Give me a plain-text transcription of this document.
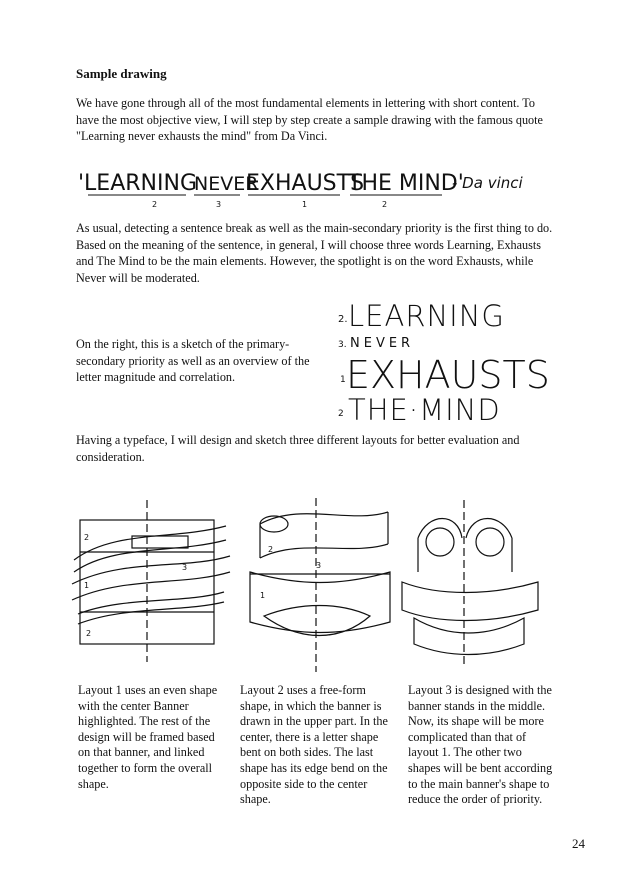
Sample drawing
We have gone through all of the most fundamental elements in lettering with short content. To have the most objective view, I will step by step create a sample drawing with the famous quote "Learning never exhausts the mind" from Da Vinci.
'LEARNING
NEVER
EXHAUSTS
THE MIND'
- Da vinci
2	3	1	2
As usual, detecting a sentence break as well as the main-secondary priority is the first thing to do. Based on the meaning of the sentence, in general, I will choose three words Learning, Exhausts and The Mind to be the main elements. However, the spotlight is on the word Exhausts, while Never will be moderated.
On the right, this is a sketch of the primary-secondary priority as well as an overview of the letter magnitude and correlation.
2. LEARNING
3. NEVER
1 EXHAUSTS
2 THE·MIND
Having a typeface, I will design and sketch three different layouts for better evaluation and consideration.
2
3
1
2
2
3
1
Layout 1 uses an even shape with the center Banner highlighted. The rest of the design will be framed based on that banner, and linked together to form the overall shape.
Layout 2 uses a free-form shape, in which the banner is drawn in the upper part. In the center, there is a letter shape bent on both sides. The last shape has its edge bend on the opposite side to the center shape.
Layout 3 is designed with the banner stands in the middle. Now, its shape will be more complicated than that of layout 1. The other two shapes will be bent according to the main banner's shape to reduce the order of priority.
24
